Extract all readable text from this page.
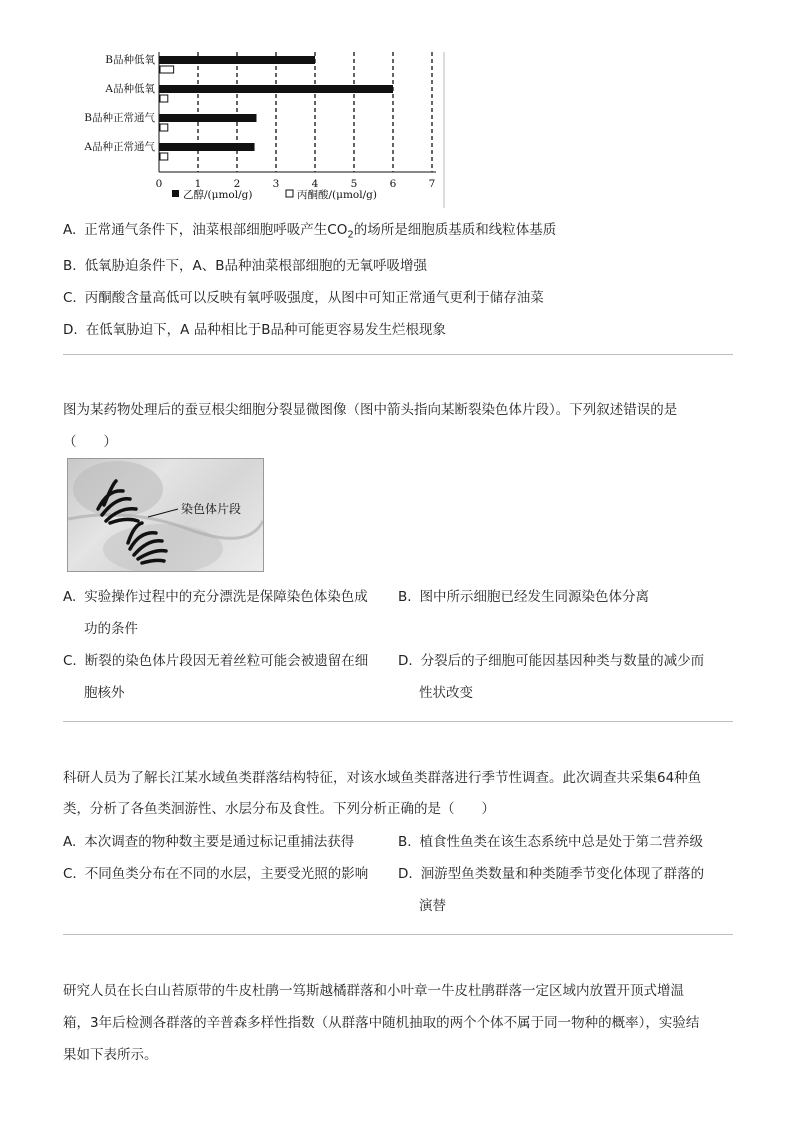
B品种低氧
A品种低氧
B品种正常通气
A品种正常通气
0	1	2	3	4	5	6	7
乙醇/(μmol/g)	丙酮酸/(μmol/g)
A. 正常通气条件下，油菜根部细胞呼吸产生$CO_2$的场所是细胞质基质和线粒体基质
B. 低氧胁迫条件下，A、B品种油菜根部细胞的无氧呼吸增强
C. 丙酮酸含量高低可以反映有氧呼吸强度，从图中可知正常通气更利于储存油菜
D. 在低氧胁迫下，A 品种相比于B品种可能更容易发生烂根现象
图为某药物处理后的蚕豆根尖细胞分裂显微图像（图中箭头指向某断裂染色体片段）。下列叙述错误的是
（　　）
染色体片段
A. 实验操作过程中的充分漂洗是保障染色体染色成
功的条件
B. 图中所示细胞已经发生同源染色体分离
C. 断裂的染色体片段因无着丝粒可能会被遗留在细
胞核外
D. 分裂后的子细胞可能因基因种类与数量的减少而
性状改变
科研人员为了解长江某水域鱼类群落结构特征，对该水域鱼类群落进行季节性调查。此次调查共采集64种鱼
类，分析了各鱼类洄游性、水层分布及食性。下列分析正确的是（　　）
A. 本次调查的物种数主要是通过标记重捕法获得	B. 植食性鱼类在该生态系统中总是处于第二营养级
C. 不同鱼类分布在不同的水层，主要受光照的影响 D. 洄游型鱼类数量和种类随季节变化体现了群落的
演替
研究人员在长白山苔原带的牛皮杜鹃一笃斯越橘群落和小叶章一牛皮杜鹃群落一定区域内放置开顶式增温
箱，3年后检测各群落的辛普森多样性指数（从群落中随机抽取的两个个体不属于同一物种的概率），实验结
果如下表所示。
